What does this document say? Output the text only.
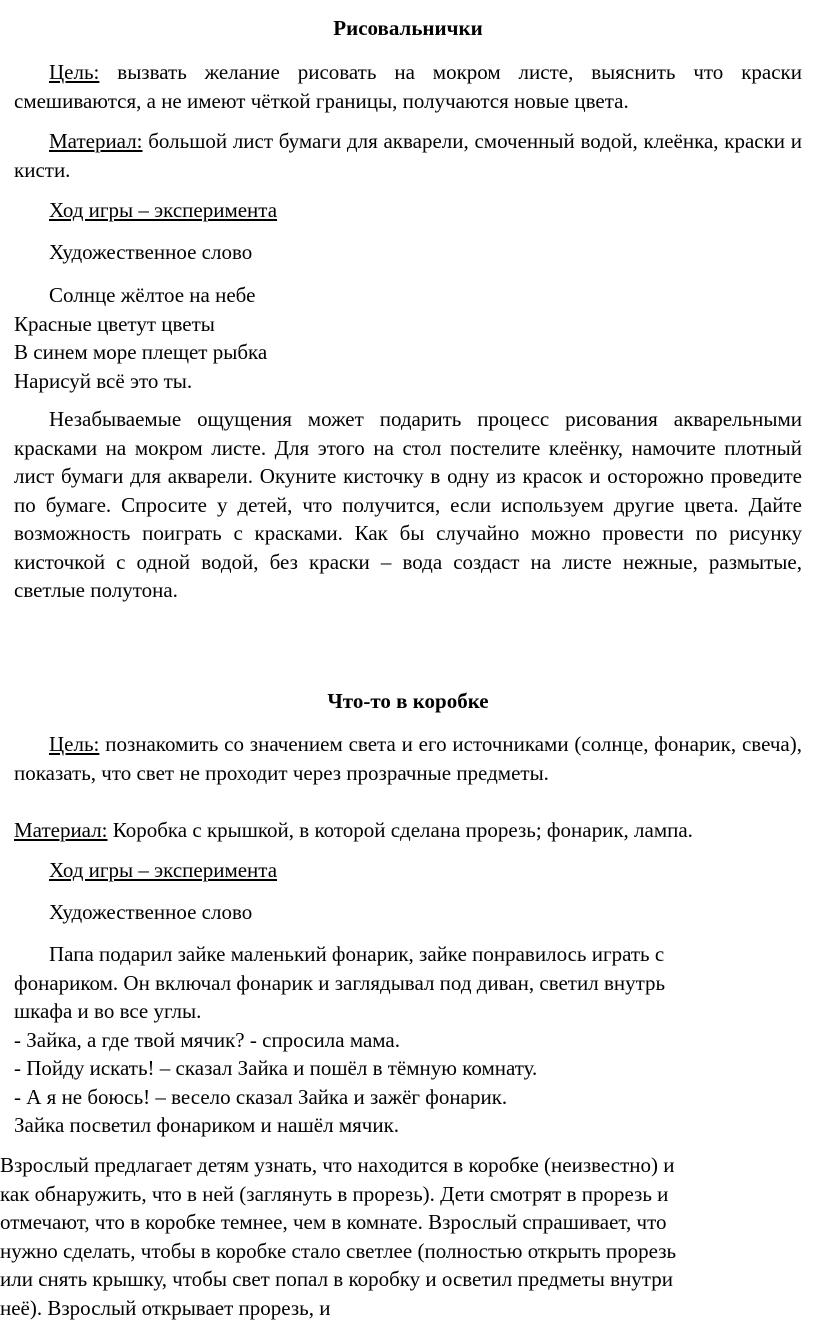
Рисовальнички

Цель: вызвать желание рисовать на мокром листе, выяснить что краски смешиваются, а не имеют чёткой границы, получаются новые цвета.

Материал: большой лист бумаги для акварели, смоченный водой, клеёнка, краски и кисти.

Ход игры – эксперимента

Художественное слово

Солнце жёлтое на небе
Красные цветут цветы
В синем море плещет рыбка
Нарисуй всё это ты.

Незабываемые ощущения может подарить процесс рисования акварельными красками на мокром листе. Для этого на стол постелите клеёнку, намочите плотный лист бумаги для акварели. Окуните кисточку в одну из красок и осторожно проведите по бумаге. Спросите у детей, что получится, если используем другие цвета. Дайте возможность поиграть с красками. Как бы случайно можно провести по рисунку кисточкой с одной водой, без краски – вода создаст на листе нежные, размытые, светлые полутона.

Что-то в коробке

Цель: познакомить со значением света и его источниками (солнце, фонарик, свеча), показать, что свет не проходит через прозрачные предметы.

Материал: Коробка с крышкой, в которой сделана прорезь; фонарик, лампа.

Ход игры – эксперимента

Художественное слово

Папа подарил зайке маленький фонарик, зайке понравилось играть с
фонариком. Он включал фонарик и заглядывал под диван, светил внутрь
шкафа и во все углы.
- Зайка, а где твой мячик? - спросила мама.
- Пойду искать! – сказал Зайка и пошёл в тёмную комнату.
- А я не боюсь! – весело сказал Зайка и зажёг фонарик.
Зайка посветил фонариком и нашёл мячик.
Взрослый предлагает детям узнать, что находится в коробке (неизвестно) и
как обнаружить, что в ней (заглянуть в прорезь). Дети смотрят в прорезь и
отмечают, что в коробке темнее, чем в комнате. Взрослый спрашивает, что
нужно сделать, чтобы в коробке стало светлее (полностью открыть прорезь
или снять крышку, чтобы свет попал в коробку и осветил предметы внутри
неё). Взрослый открывает прорезь, и
